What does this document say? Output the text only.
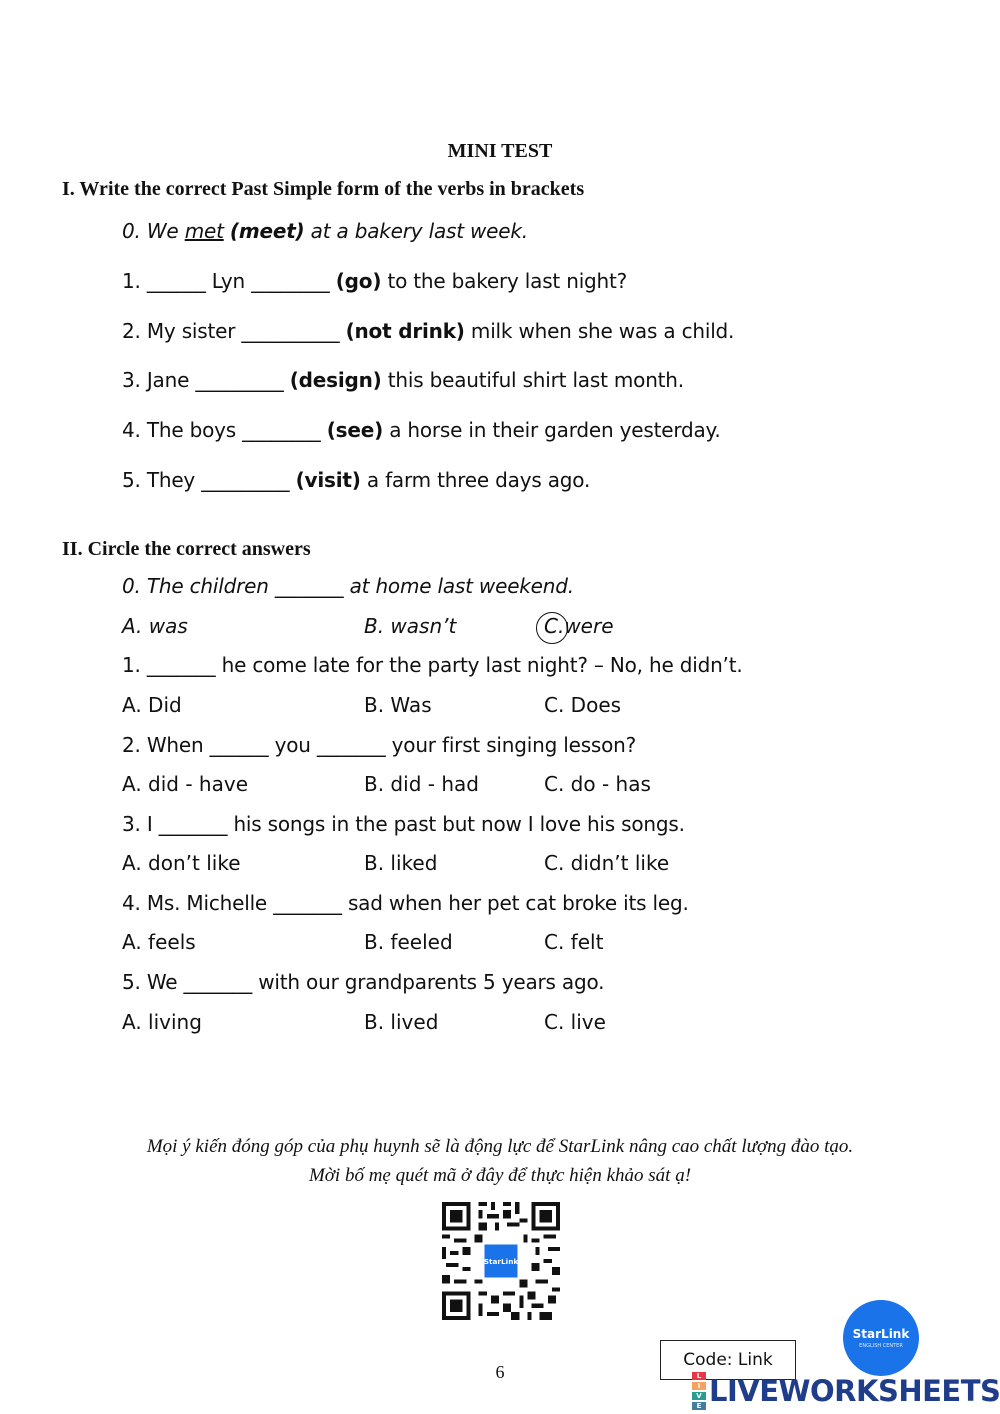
MINI TEST
I. Write the correct Past Simple form of the verbs in brackets
0. We met (meet) at a bakery last week.
1. ______ Lyn ________ (go) to the bakery last night?
2. My sister __________ (not drink) milk when she was a child.
3. Jane _________ (design) this beautiful shirt last month.
4. The boys ________ (see) a horse in their garden yesterday.
5. They _________ (visit) a farm three days ago.
II. Circle the correct answers
0. The children _______ at home last weekend.
A. was	B. wasn’t	C.were
1. _______ he come late for the party last night? – No, he didn’t.
A. Did	B. Was	C. Does
2. When ______ you _______ your first singing lesson?
A. did - have	B. did - had	C. do - has
3. I _______ his songs in the past but now I love his songs.
A. don’t like	B. liked	C. didn’t like
4. Ms. Michelle _______ sad when her pet cat broke its leg.
A. feels	B. feeled	C. felt
5. We _______ with our grandparents 5 years ago.
A. living	B. lived	C. live
Mọi ý kiến đóng góp của phụ huynh sẽ là động lực để StarLink nâng cao chất lượng đào tạo.
Mời bố mẹ quét mã ở đây để thực hiện khảo sát ạ!
StarLink
6
Code: Link
StarLink
ENGLISH CENTER
L
I
V
E LIVEWORKSHEETS
